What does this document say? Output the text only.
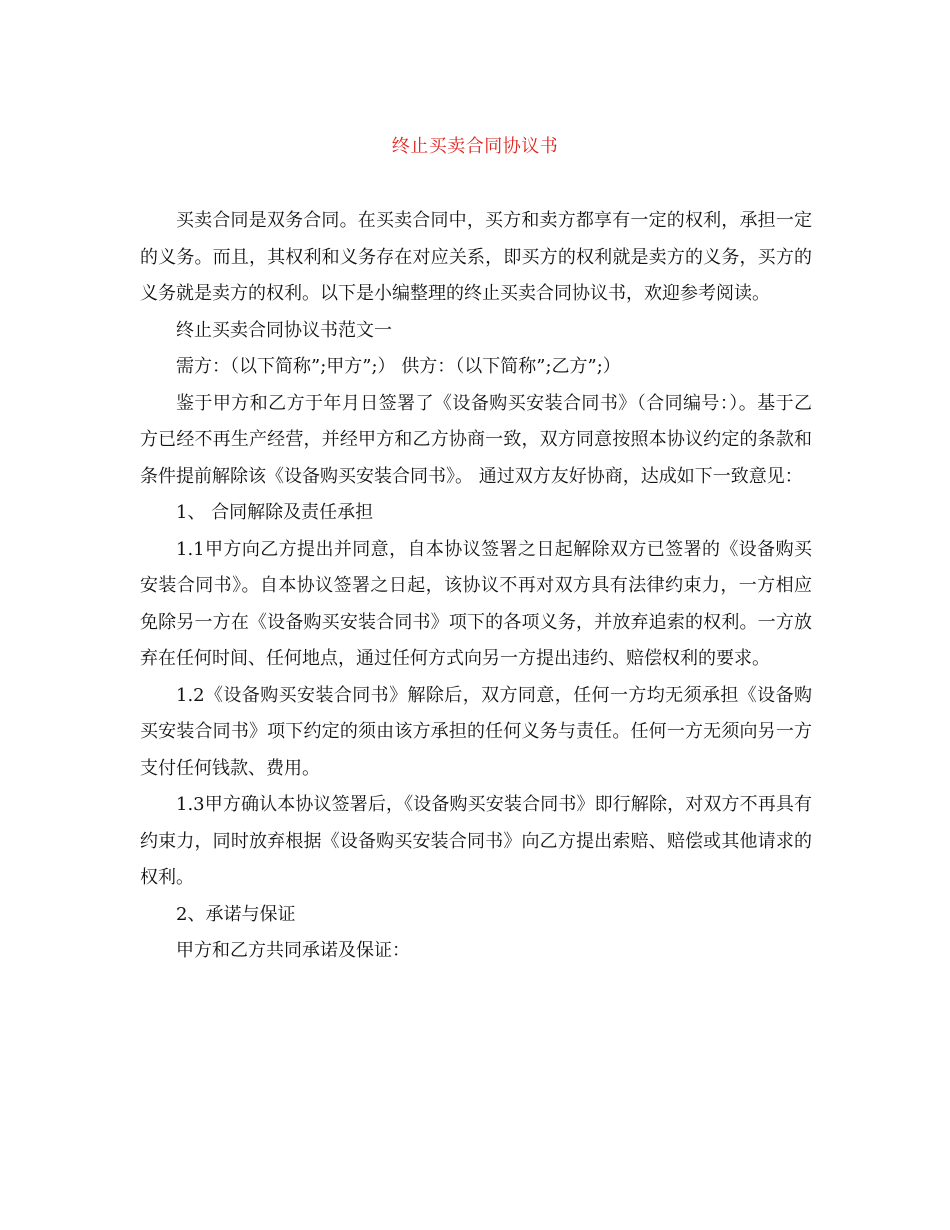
终止买卖合同协议书

买卖合同是双务合同。在买卖合同中，买方和卖方都享有一定的权利，承担一定的义务。而且，其权利和义务存在对应关系，即买方的权利就是卖方的义务，买方的义务就是卖方的权利。以下是小编整理的终止买卖合同协议书，欢迎参考阅读。

终止买卖合同协议书范文一

需方：（以下简称”;甲方”;） 供方：（以下简称”;乙方”;）

鉴于甲方和乙方于年月日签署了《设备购买安装合同书》（合同编号：）。基于乙方已经不再生产经营，并经甲方和乙方协商一致，双方同意按照本协议约定的条款和条件提前解除该《设备购买安装合同书》。 通过双方友好协商，达成如下一致意见：

1、 合同解除及责任承担

1.1甲方向乙方提出并同意，自本协议签署之日起解除双方已签署的《设备购买安装合同书》。自本协议签署之日起，该协议不再对双方具有法律约束力，一方相应免除另一方在《设备购买安装合同书》项下的各项义务，并放弃追索的权利。一方放弃在任何时间、任何地点，通过任何方式向另一方提出违约、赔偿权利的要求。

1.2《设备购买安装合同书》解除后，双方同意，任何一方均无须承担《设备购买安装合同书》项下约定的须由该方承担的任何义务与责任。任何一方无须向另一方支付任何钱款、费用。

1.3甲方确认本协议签署后，《设备购买安装合同书》即行解除，对双方不再具有约束力，同时放弃根据《设备购买安装合同书》向乙方提出索赔、赔偿或其他请求的权利。

2、承诺与保证

甲方和乙方共同承诺及保证：
